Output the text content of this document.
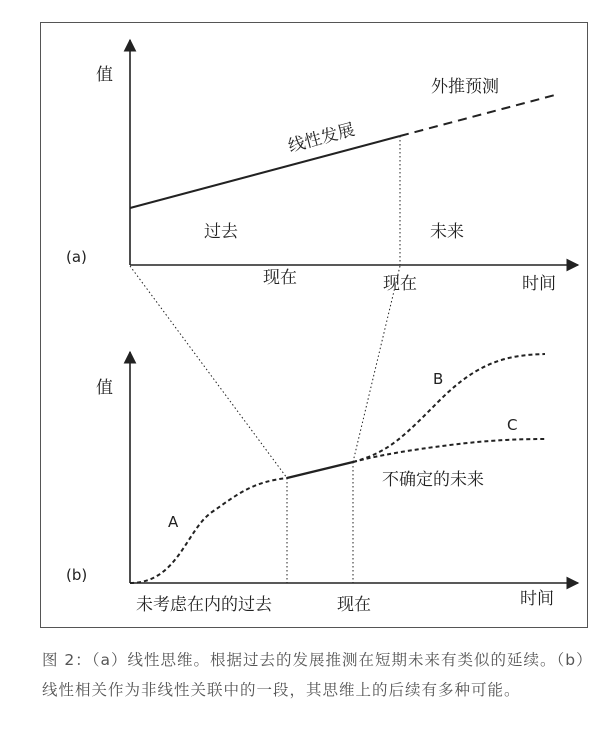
值
外推预测
线性发展
过去	未来
(a)
现在	现在	时间
值	B
C
不确定的未来
A
(b)
未考虑在内的过去	现在	时间

图 2：（a）线性思维。根据过去的发展推测在短期未来有类似的延续。（b）线性相关作为非线性关联中的一段，其思维上的后续有多种可能。
